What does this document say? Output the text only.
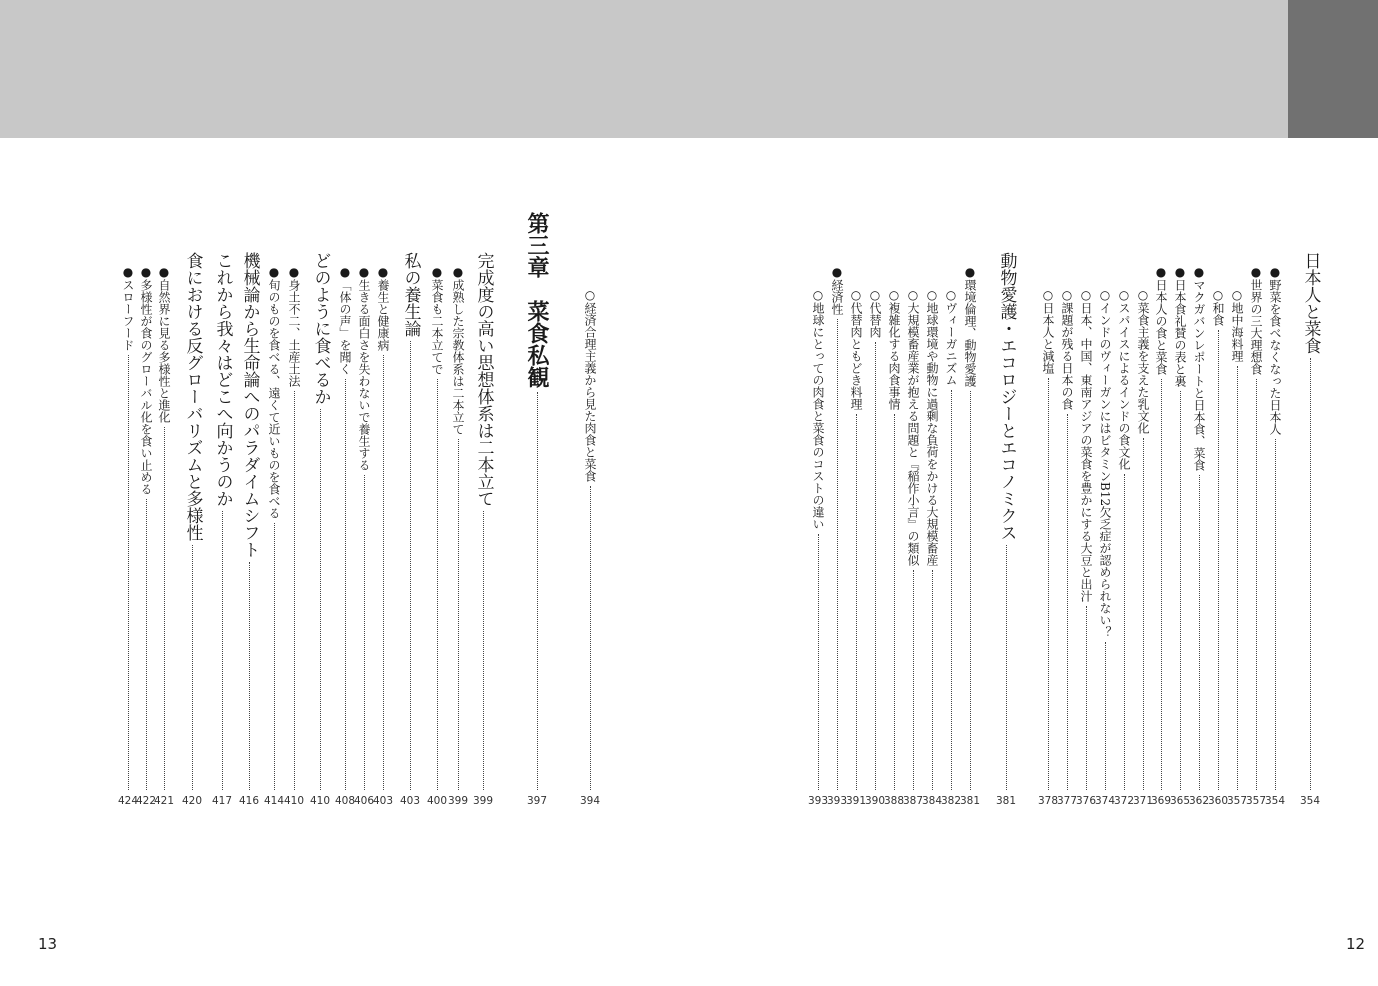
日本人と菜食
354
●野菜を食べなくなった日本人
354
●世界の三大理想食
357
○地中海料理
357
○和食
360
●マクガバンレポートと日本食、菜食
362
●日本食礼賛の表と裏
365
●日本人の食と菜食
369
○菜食主義を支えた乳文化
371
○スパイスによるインドの食文化
372
○インドのヴィーガンにはビタミンB12欠乏症が認められない？
374
○日本、中国、東南アジアの菜食を豊かにする大豆と出汁
376
○課題が残る日本の食
377
○日本人と減塩
378
動物愛護・エコロジーとエコノミクス
381
●環境倫理、動物愛護
381
○ヴィーガニズム
382
○地球環境や動物に過剰な負荷をかける大規模畜産
384
○大規模畜産業が抱える問題と『稲作小言』の類似
387
○複雑化する肉食事情
388
○代替肉
390
○代替肉ともどき料理
391
●経済性
393
○地球にとっての肉食と菜食のコストの違い
393
○経済合理主義から見た肉食と菜食
394
第三章　菜食私観
397
完成度の高い思想体系は二本立て
399
●成熟した宗教体系は二本立て
399
●菜食も二本立てで
400
私の養生論
403
●養生と健康病
403
●生きる面白さを失わないで養生する
406
●「体の声」を聞く
408
どのように食べるか
410
●身土不二、土産土法
410
●旬のものを食べる、遠くて近いものを食べる
414
機械論から生命論へのパラダイムシフト
416
これから我々はどこへ向かうのか
417
食における反グローバリズムと多様性
420
●自然界に見る多様性と進化
421
●多様性が食のグローバル化を食い止める
422
●スローフード
424
13	12
